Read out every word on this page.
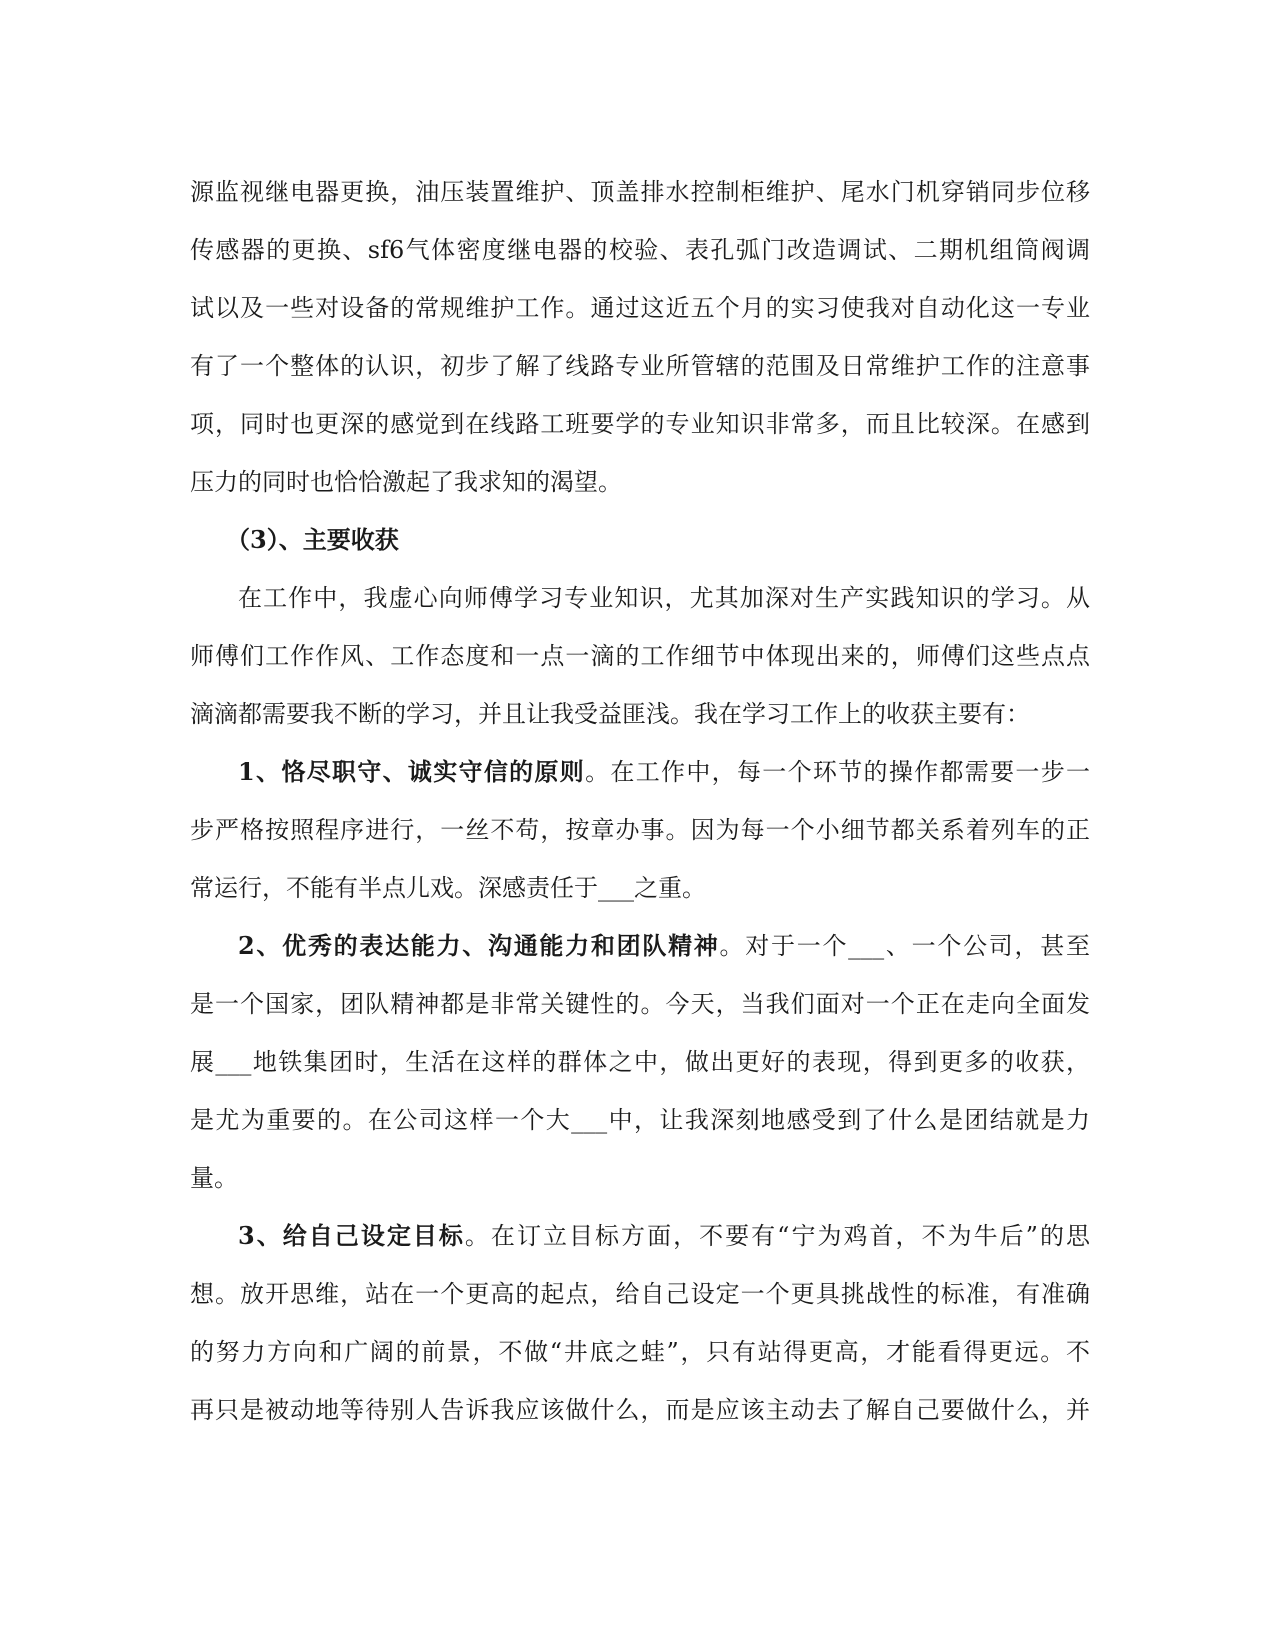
源监视继电器更换，油压装置维护、顶盖排水控制柜维护、尾水门机穿销同步位移
传感器的更换、sf6气体密度继电器的校验、表孔弧门改造调试、二期机组筒阀调
试以及一些对设备的常规维护工作。通过这近五个月的实习使我对自动化这一专业
有了一个整体的认识，初步了解了线路专业所管辖的范围及日常维护工作的注意事
项，同时也更深的感觉到在线路工班要学的专业知识非常多，而且比较深。在感到
压力的同时也恰恰激起了我求知的渴望。
（3）、主要收获
在工作中，我虚心向师傅学习专业知识，尤其加深对生产实践知识的学习。从
师傅们工作作风、工作态度和一点一滴的工作细节中体现出来的，师傅们这些点点
滴滴都需要我不断的学习，并且让我受益匪浅。我在学习工作上的收获主要有：
1、恪尽职守、诚实守信的原则。在工作中，每一个环节的操作都需要一步一
步严格按照程序进行，一丝不苟，按章办事。因为每一个小细节都关系着列车的正
常运行，不能有半点儿戏。深感责任于___之重。
2、优秀的表达能力、沟通能力和团队精神。对于一个___、一个公司，甚至
是一个国家，团队精神都是非常关键性的。今天，当我们面对一个正在走向全面发
展___地铁集团时，生活在这样的群体之中，做出更好的表现，得到更多的收获，
是尤为重要的。在公司这样一个大___中，让我深刻地感受到了什么是团结就是力
量。
3、给自己设定目标。在订立目标方面，不要有“宁为鸡首，不为牛后”的思
想。放开思维，站在一个更高的起点，给自己设定一个更具挑战性的标准，有准确
的努力方向和广阔的前景，不做“井底之蛙”，只有站得更高，才能看得更远。不
再只是被动地等待别人告诉我应该做什么，而是应该主动去了解自己要做什么，并
